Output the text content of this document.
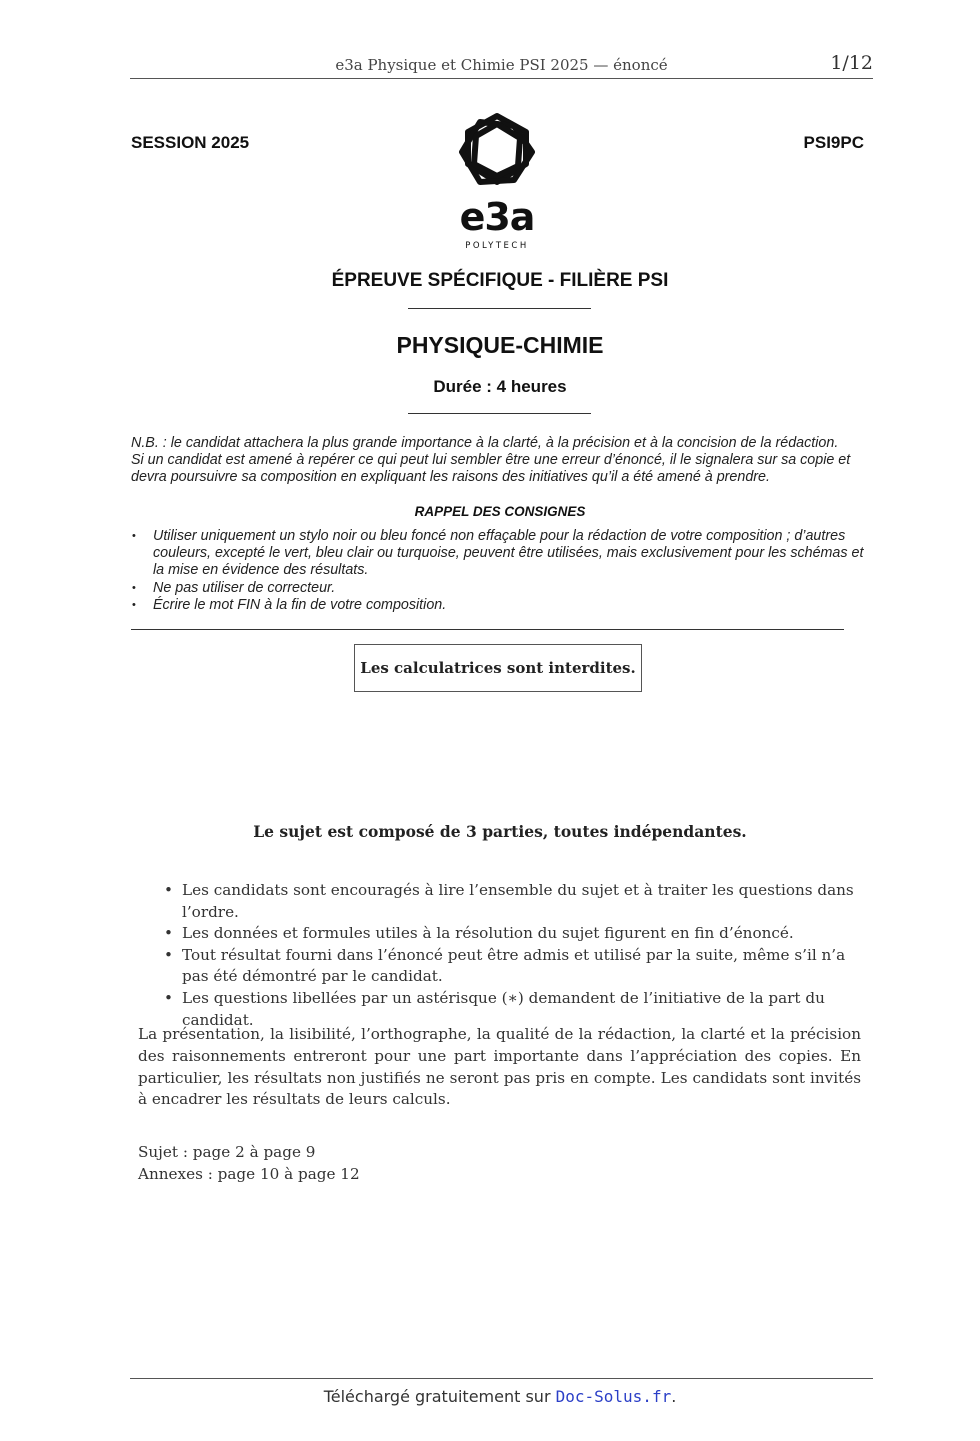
e3a Physique et Chimie PSI 2025 — énoncé	1/12
SESSION 2025	PSI9PC
e3a
POLYTECH
ÉPREUVE SPÉCIFIQUE - FILIÈRE PSI
PHYSIQUE-CHIMIE
Durée : 4 heures

N.B. : le candidat attachera la plus grande importance à la clarté, à la précision et à la concision de la rédaction.

Si un candidat est amené à repérer ce qui peut lui sembler être une erreur d’énoncé, il le signalera sur sa copie et devra poursuivre sa composition en expliquant les raisons des initiatives qu’il a été amené à prendre.

RAPPEL DES CONSIGNES
• Utiliser uniquement un stylo noir ou bleu foncé non effaçable pour la rédaction de votre composition ; d’autres couleurs, excepté le vert, bleu clair ou turquoise, peuvent être utilisées, mais exclusivement pour les schémas et la mise en évidence des résultats.
• Ne pas utiliser de correcteur.
• Écrire le mot FIN à la fin de votre composition.
Les calculatrices sont interdites.
Le sujet est composé de 3 parties, toutes indépendantes.
• Les candidats sont encouragés à lire l’ensemble du sujet et à traiter les questions dans l’ordre.
• Les données et formules utiles à la résolution du sujet figurent en fin d’énoncé.
• Tout résultat fourni dans l’énoncé peut être admis et utilisé par la suite, même s’il n’a pas été démontré par le candidat.
• Les questions libellées par un astérisque (∗) demandent de l’initiative de la part du candidat.

La présentation, la lisibilité, l’orthographe, la qualité de la rédaction, la clarté et la précision des raisonnements entreront pour une part importante dans l’appréciation des copies. En particulier, les résultats non justifiés ne seront pas pris en compte. Les candidats sont invités à encadrer les résultats de leurs calculs.

Sujet : page 2 à page 9
Annexes : page 10 à page 12
Téléchargé gratuitement sur Doc-Solus.fr.
